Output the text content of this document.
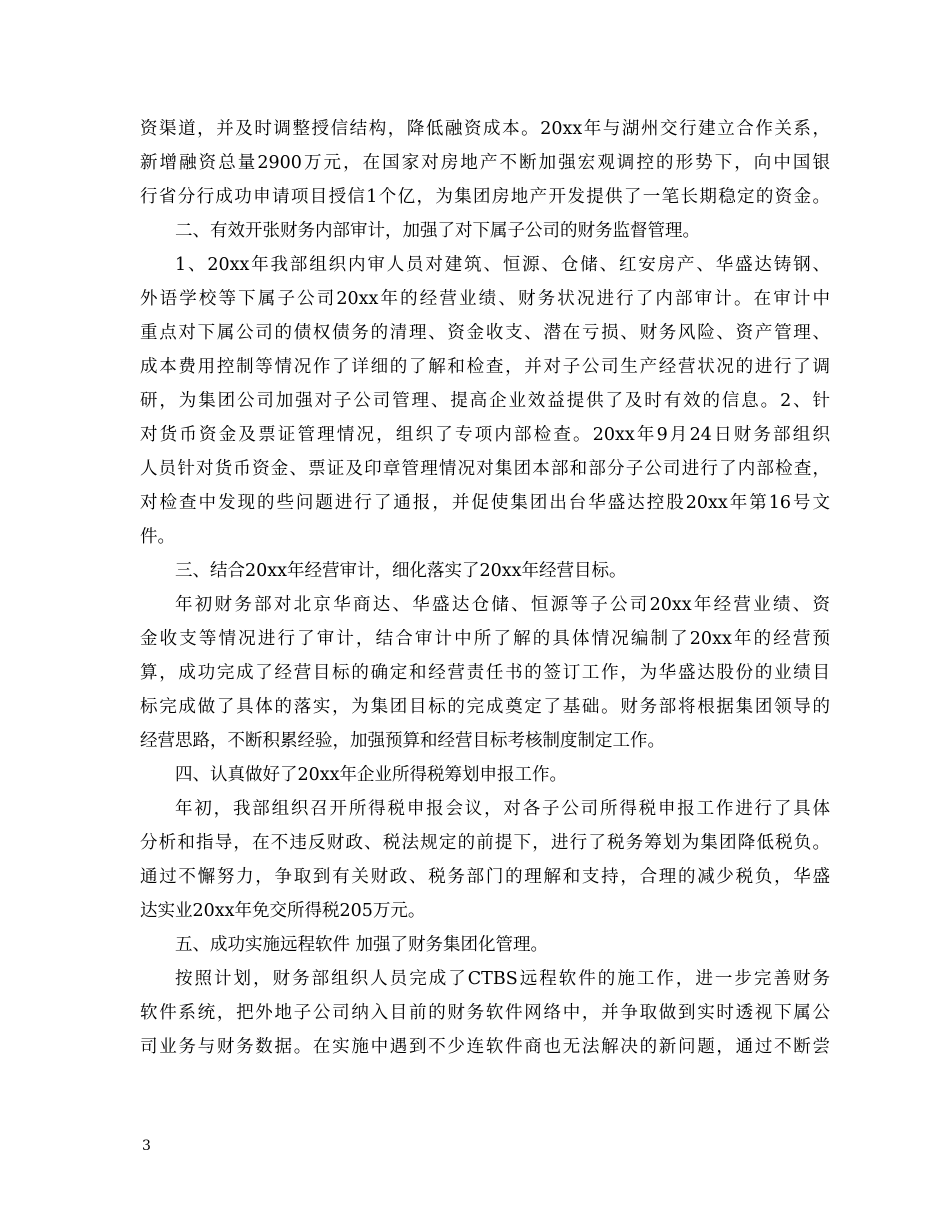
资渠道，并及时调整授信结构，降低融资成本。20xx年与湖州交行建立合作关系，
新增融资总量2900万元，在国家对房地产不断加强宏观调控的形势下，向中国银
行省分行成功申请项目授信1个亿，为集团房地产开发提供了一笔长期稳定的资金。
二、有效开张财务内部审计，加强了对下属子公司的财务监督管理。
1、20xx年我部组织内审人员对建筑、恒源、仓储、红安房产、华盛达铸钢、
外语学校等下属子公司20xx年的经营业绩、财务状况进行了内部审计。在审计中
重点对下属公司的债权债务的清理、资金收支、潜在亏损、财务风险、资产管理、
成本费用控制等情况作了详细的了解和检查，并对子公司生产经营状况的进行了调
研，为集团公司加强对子公司管理、提高企业效益提供了及时有效的信息。2、针
对货币资金及票证管理情况，组织了专项内部检查。20xx年9月24日财务部组织
人员针对货币资金、票证及印章管理情况对集团本部和部分子公司进行了内部检查，
对检查中发现的些问题进行了通报，并促使集团出台华盛达控股20xx年第16号文
件。
三、结合20xx年经营审计，细化落实了20xx年经营目标。
年初财务部对北京华商达、华盛达仓储、恒源等子公司20xx年经营业绩、资
金收支等情况进行了审计，结合审计中所了解的具体情况编制了20xx年的经营预
算，成功完成了经营目标的确定和经营责任书的签订工作，为华盛达股份的业绩目
标完成做了具体的落实，为集团目标的完成奠定了基础。财务部将根据集团领导的
经营思路，不断积累经验，加强预算和经营目标考核制度制定工作。
四、认真做好了20xx年企业所得税筹划申报工作。
年初，我部组织召开所得税申报会议，对各子公司所得税申报工作进行了具体
分析和指导，在不违反财政、税法规定的前提下，进行了税务筹划为集团降低税负。
通过不懈努力，争取到有关财政、税务部门的理解和支持，合理的减少税负，华盛
达实业20xx年免交所得税205万元。
五、成功实施远程软件 加强了财务集团化管理。
按照计划，财务部组织人员完成了CTBS远程软件的施工作，进一步完善财务
软件系统，把外地子公司纳入目前的财务软件网络中，并争取做到实时透视下属公
司业务与财务数据。在实施中遇到不少连软件商也无法解决的新问题，通过不断尝
3
